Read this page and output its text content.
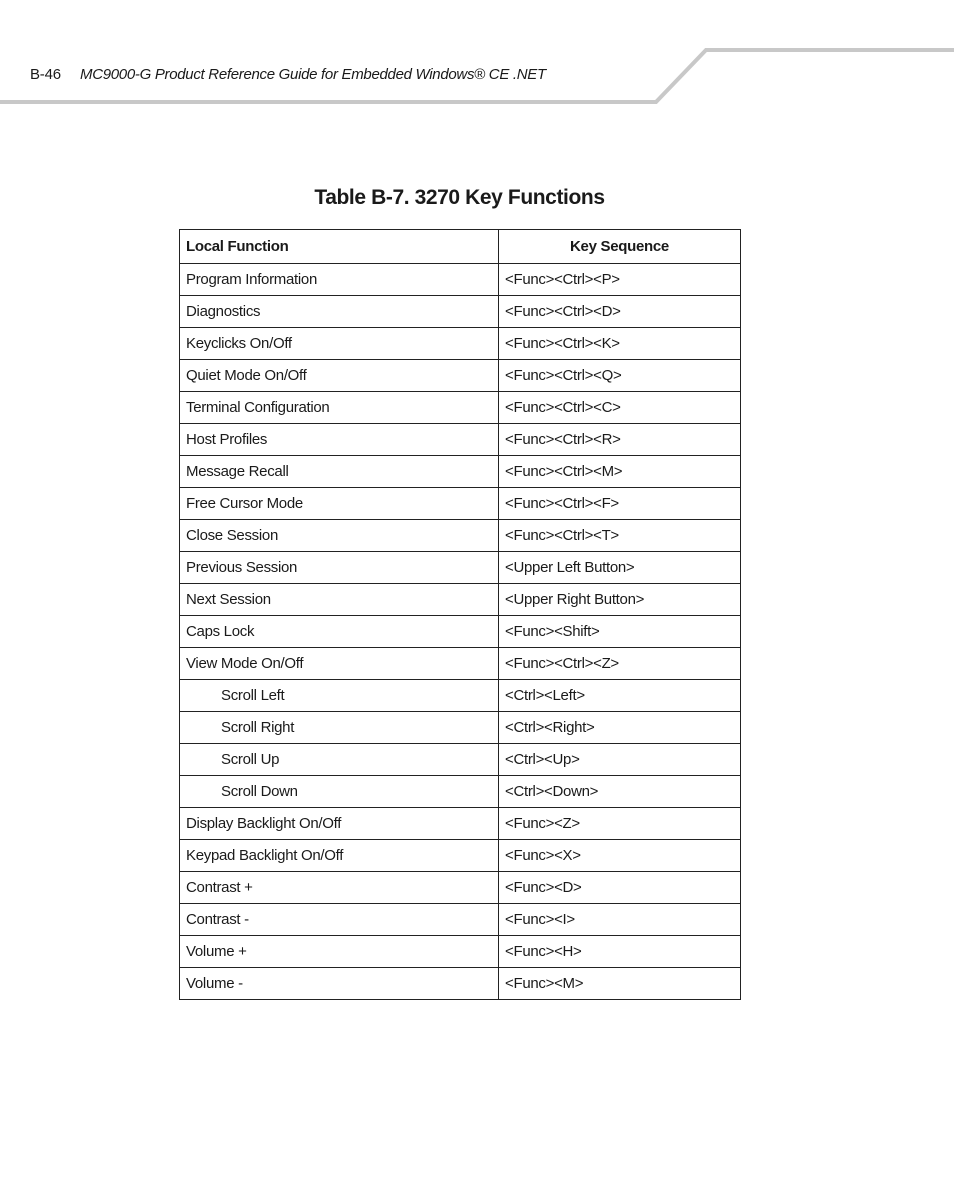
B-46 MC9000-G Product Reference Guide for Embedded Windows® CE .NET
Table B-7. 3270 Key Functions
Local Function	Key Sequence
Program Information	<Func><Ctrl><P>
Diagnostics	<Func><Ctrl><D>
Keyclicks On/Off	<Func><Ctrl><K>
Quiet Mode On/Off	<Func><Ctrl><Q>
Terminal Configuration	<Func><Ctrl><C>
Host Profiles	<Func><Ctrl><R>
Message Recall	<Func><Ctrl><M>
Free Cursor Mode	<Func><Ctrl><F>
Close Session	<Func><Ctrl><T>
Previous Session	<Upper Left Button>
Next Session	<Upper Right Button>
Caps Lock	<Func><Shift>
View Mode On/Off	<Func><Ctrl><Z>
Scroll Left	<Ctrl><Left>
Scroll Right	<Ctrl><Right>
Scroll Up	<Ctrl><Up>
Scroll Down	<Ctrl><Down>
Display Backlight On/Off	<Func><Z>
Keypad Backlight On/Off	<Func><X>
Contrast +	<Func><D>
Contrast -	<Func><I>
Volume +	<Func><H>
Volume -	<Func><M>
